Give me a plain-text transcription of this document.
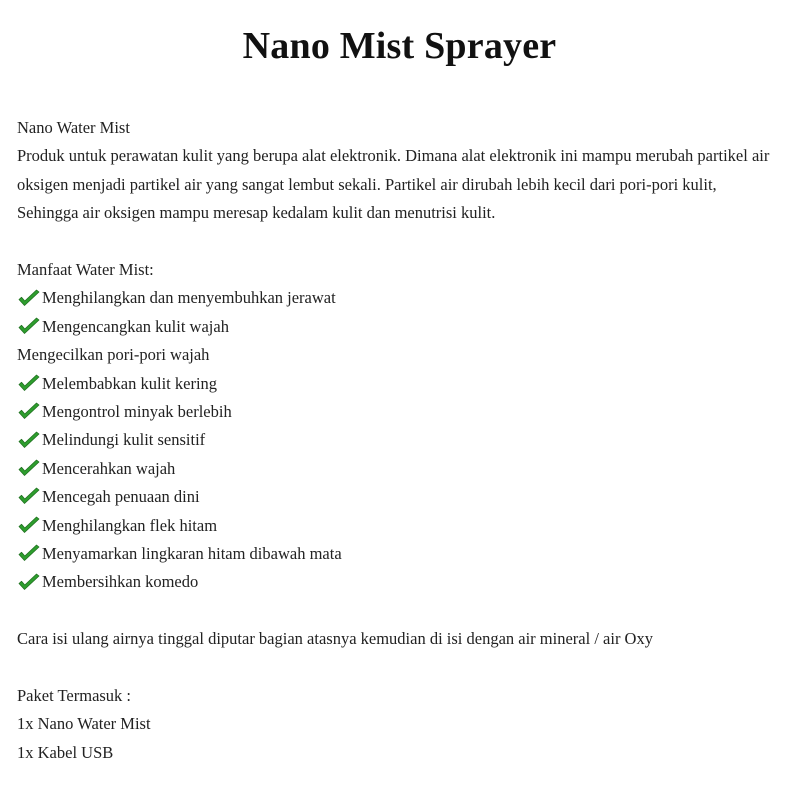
Nano Mist Sprayer
Nano Water Mist
Produk untuk perawatan kulit yang berupa alat elektronik. Dimana alat elektronik ini mampu merubah partikel air oksigen menjadi partikel air yang sangat lembut sekali. Partikel air dirubah lebih kecil dari pori-pori kulit, Sehingga air oksigen mampu meresap kedalam kulit dan menutrisi kulit.
Manfaat Water Mist:
Menghilangkan dan menyembuhkan jerawat
Mengencangkan kulit wajah
Mengecilkan pori-pori wajah
Melembabkan kulit kering
Mengontrol minyak berlebih
Melindungi kulit sensitif
Mencerahkan wajah
Mencegah penuaan dini
Menghilangkan flek hitam
Menyamarkan lingkaran hitam dibawah mata
Membersihkan komedo
Cara isi ulang airnya tinggal diputar bagian atasnya kemudian di isi dengan air mineral / air Oxy
Paket Termasuk :
1x Nano Water Mist
1x Kabel USB
